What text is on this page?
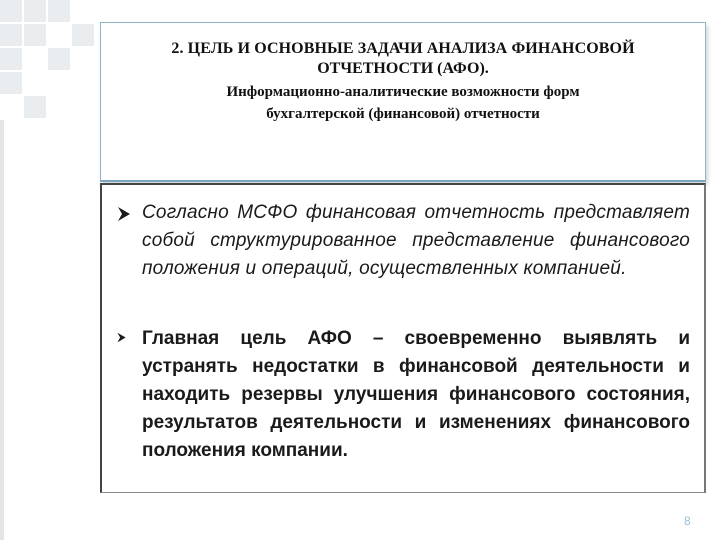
2. ЦЕЛЬ И ОСНОВНЫЕ ЗАДАЧИ АНАЛИЗА ФИНАНСОВОЙ
ОТЧЕТНОСТИ (АФО).
Информационно-аналитические возможности форм
бухгалтерской (финансовой) отчетности
Согласно МСФО финансовая отчетность представляет собой структурированное представление финансового положения и операций, осуществленных компанией.
Главная цель АФО – своевременно выявлять и устранять недостатки в финансовой деятельности и находить резервы улучшения финансового состояния, результатов деятельности и изменениях финансового положения компании.
8
